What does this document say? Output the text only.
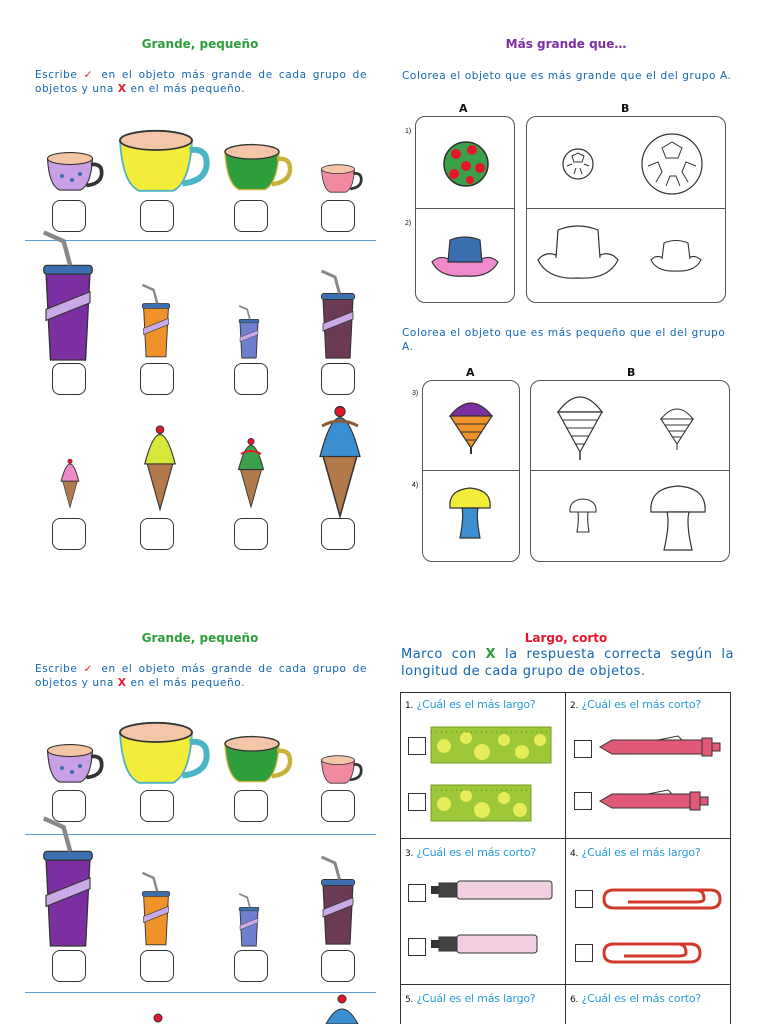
Grande, pequeño
Escribe ✓ en el objeto más grande de cada grupo de objetos y una X en el más pequeño.
Más grande que…
Colorea el objeto que es más grande que el del grupo A.
A	B
1)
2)
Colorea el objeto que es más pequeño que el del grupo A.
A	B
3)
4)
Grande, pequeño
Escribe ✓ en el objeto más grande de cada grupo de objetos y una X en el más pequeño.
Largo, corto
Marco con X la respuesta correcta según la longitud de cada grupo de objetos.
1. ¿Cuál es el más largo?	2. ¿Cuál es el más corto?
3. ¿Cuál es el más corto?	4. ¿Cuál es el más largo?
5. ¿Cuál es el más largo?	6. ¿Cuál es el más corto?
